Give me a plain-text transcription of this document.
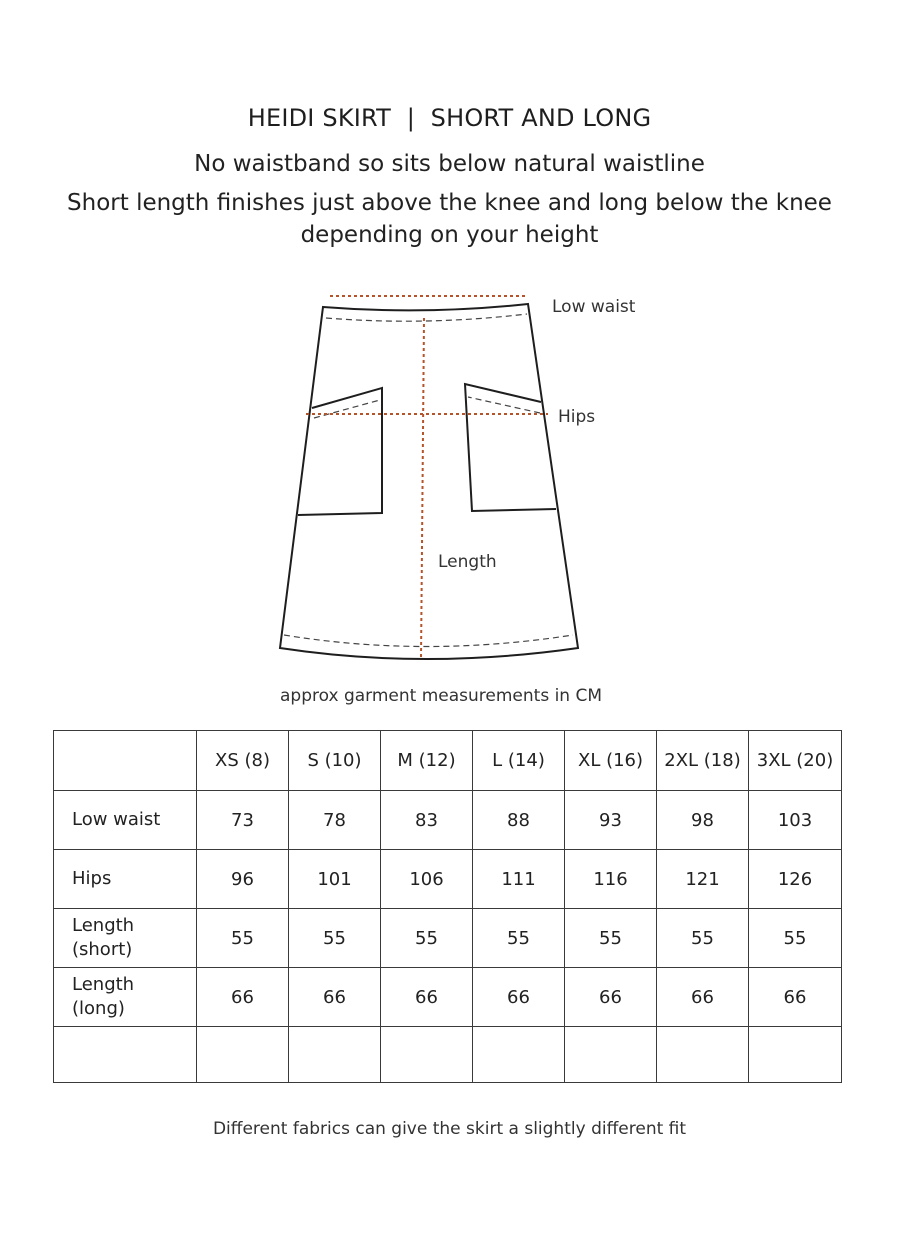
HEIDI SKIRT  |  SHORT AND LONG
No waistband so sits below natural waistline
Short length finishes just above the knee and long below the knee
depending on your height
Low waist
Hips
Length
approx garment measurements in CM
	XS (8)	S (10)	M (12)	L (14)	XL (16)	2XL (18)	3XL (20)

Low waist	73	78	83	88	93	98	103

Hips	96	101	106	111	116	121	126

Length
(short)	55	55	55	55	55	55	55

Length
(long)	66	66	66	66	66	66	66

Different fabrics can give the skirt a slightly different fit
